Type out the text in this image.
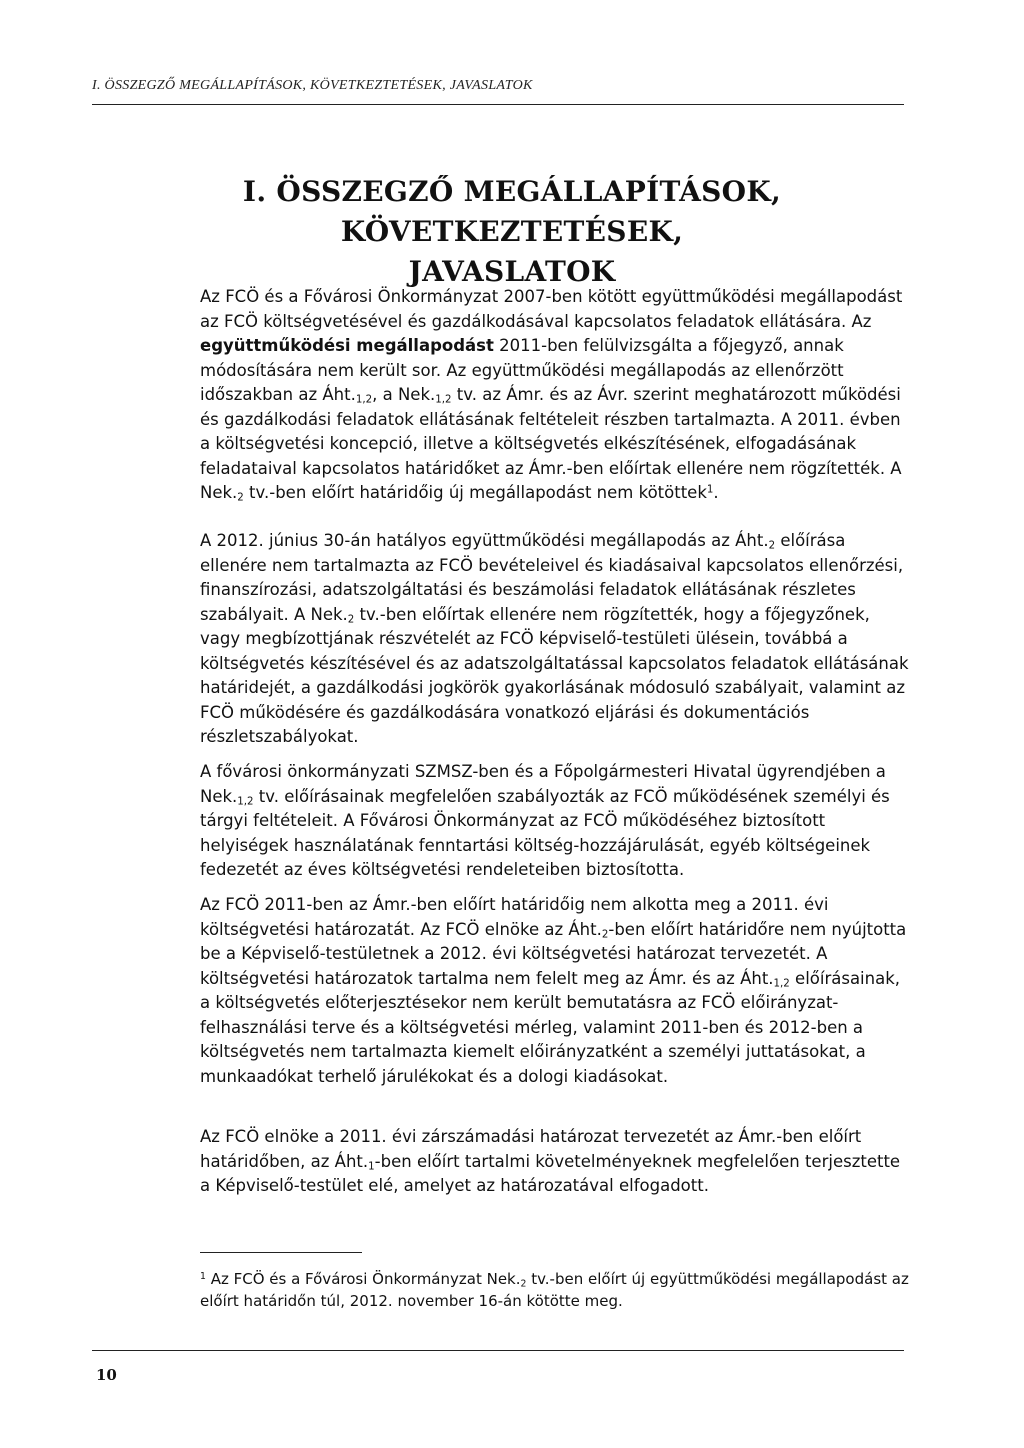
I. ÖSSZEGZŐ MEGÁLLAPÍTÁSOK, KÖVETKEZTETÉSEK, JAVASLATOK
I. ÖSSZEGZŐ MEGÁLLAPÍTÁSOK, KÖVETKEZTETÉSEK,
JAVASLATOK

Az FCÖ és a Fővárosi Önkormányzat 2007-ben kötött együttműködési megállapodást az FCÖ költségvetésével és gazdálkodásával kapcsolatos feladatok ellátására. Az együttműködési megállapodást 2011-ben felülvizsgálta a főjegyző, annak módosítására nem került sor. Az együttműködési megállapodás az ellenőrzött időszakban az $Áht._{1,2}$, a $Nek._{1,2}$ tv. az Ámr. és az Ávr. szerint meghatározott működési és gazdálkodási feladatok ellátásának feltételeit részben tartalmazta. A 2011. évben a költségvetési koncepció, illetve a költségvetés elkészítésének, elfogadásának feladataival kapcsolatos határidőket az Ámr.-ben előírtak ellenére nem rögzítették. A $Nek._2$ tv.-ben előírt határidőig új megállapodást nem kötöttek$^1$.

A 2012. június 30-án hatályos együttműködési megállapodás az $Áht._2$ előírása ellenére nem tartalmazta az FCÖ bevételeivel és kiadásaival kapcsolatos ellenőrzési, finanszírozási, adatszolgáltatási és beszámolási feladatok ellátásának részletes szabályait. A $Nek._2$ tv.-ben előírtak ellenére nem rögzítették, hogy a főjegyzőnek, vagy megbízottjának részvételét az FCÖ képviselő-testületi ülésein, továbbá a költségvetés készítésével és az adatszolgáltatással kapcsolatos feladatok ellátásának határidejét, a gazdálkodási jogkörök gyakorlásának módosuló szabályait, valamint az FCÖ működésére és gazdálkodására vonatkozó eljárási és dokumentációs részletszabályokat.

A fővárosi önkormányzati SZMSZ-ben és a Főpolgármesteri Hivatal ügyrendjében a $Nek._{1,2}$ tv. előírásainak megfelelően szabályozták az FCÖ működésének személyi és tárgyi feltételeit. A Fővárosi Önkormányzat az FCÖ működéséhez biztosított helyiségek használatának fenntartási költség-hozzájárulását, egyéb költségeinek fedezetét az éves költségvetési rendeleteiben biztosította.

Az FCÖ 2011-ben az Ámr.-ben előírt határidőig nem alkotta meg a 2011. évi költségvetési határozatát. Az FCÖ elnöke az $Áht._2$-ben előírt határidőre nem nyújtotta be a Képviselő-testületnek a 2012. évi költségvetési határozat tervezetét. A költségvetési határozatok tartalma nem felelt meg az Ámr. és az $Áht._{1,2}$ előírásainak, a költségvetés előterjesztésekor nem került bemutatásra az FCÖ előirányzat-felhasználási terve és a költségvetési mérleg, valamint 2011-ben és 2012-ben a költségvetés nem tartalmazta kiemelt előirányzatként a személyi juttatásokat, a munkaadókat terhelő járulékokat és a dologi kiadásokat.

Az FCÖ elnöke a 2011. évi zárszámadási határozat tervezetét az Ámr.-ben előírt határidőben, az $Áht._1$-ben előírt tartalmi követelményeknek megfelelően terjesztette a Képviselő-testület elé, amelyet az határozatával elfogadott.

$^1$ Az FCÖ és a Fővárosi Önkormányzat $Nek._2$ tv.-ben előírt új együttműködési megállapodást az előírt határidőn túl, 2012. november 16-án kötötte meg.

10
